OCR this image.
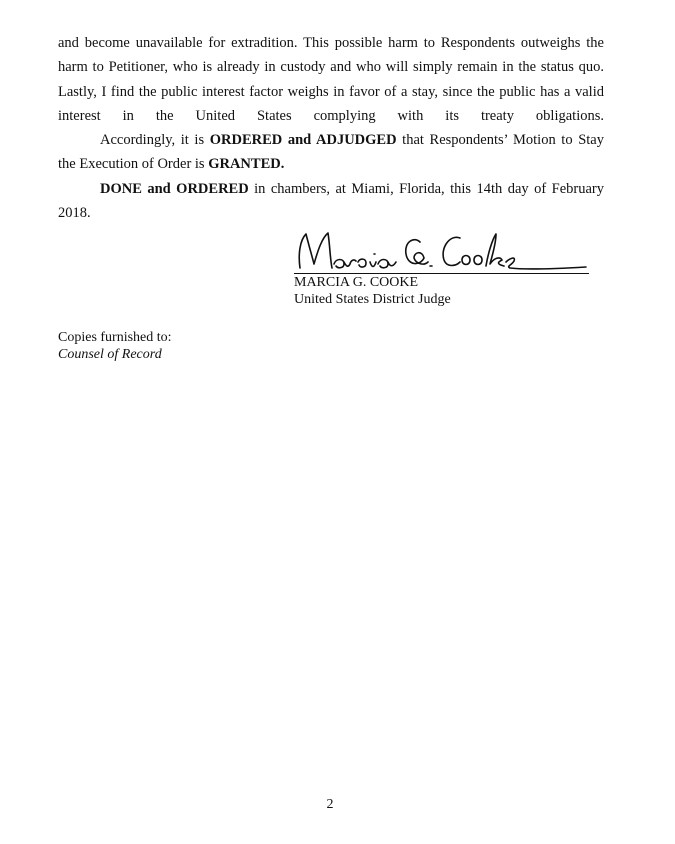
and become unavailable for extradition. This possible harm to Respondents outweighs the harm to Petitioner, who is already in custody and who will simply remain in the status quo. Lastly, I find the public interest factor weighs in favor of a stay, since the public has a valid interest in the United States complying with its treaty obligations.

Accordingly, it is ORDERED and ADJUDGED that Respondents’ Motion to Stay the Execution of Order is GRANTED.

DONE and ORDERED in chambers, at Miami, Florida, this 14th day of February 2018.

MARCIA G. COOKE
United States District Judge
Copies furnished to:
Counsel of Record
2
